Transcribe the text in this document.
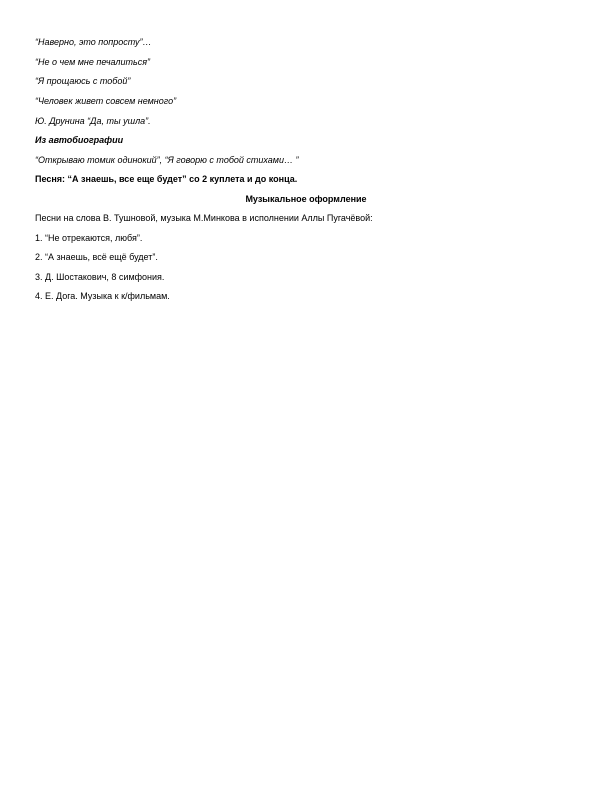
“Наверно, это попросту”…
“Не о чем мне печалиться”
“Я прощаюсь с тобой”
“Человек живет совсем немного”
Ю. Друнина “Да, ты ушла”.
Из автобиографии
“Открываю томик одинокий”, “Я говорю с тобой стихами… ”
Песня: “А знаешь, все еще будет” со 2 куплета и до конца.
Музыкальное оформление
Песни на слова В. Тушновой, музыка М.Минкова в исполнении Аллы Пугачёвой:
1. “Не отрекаются, любя”.
2. “А знаешь, всё ещё будет”.
3. Д. Шостакович, 8 симфония.
4. Е. Дога. Музыка к к/фильмам.
